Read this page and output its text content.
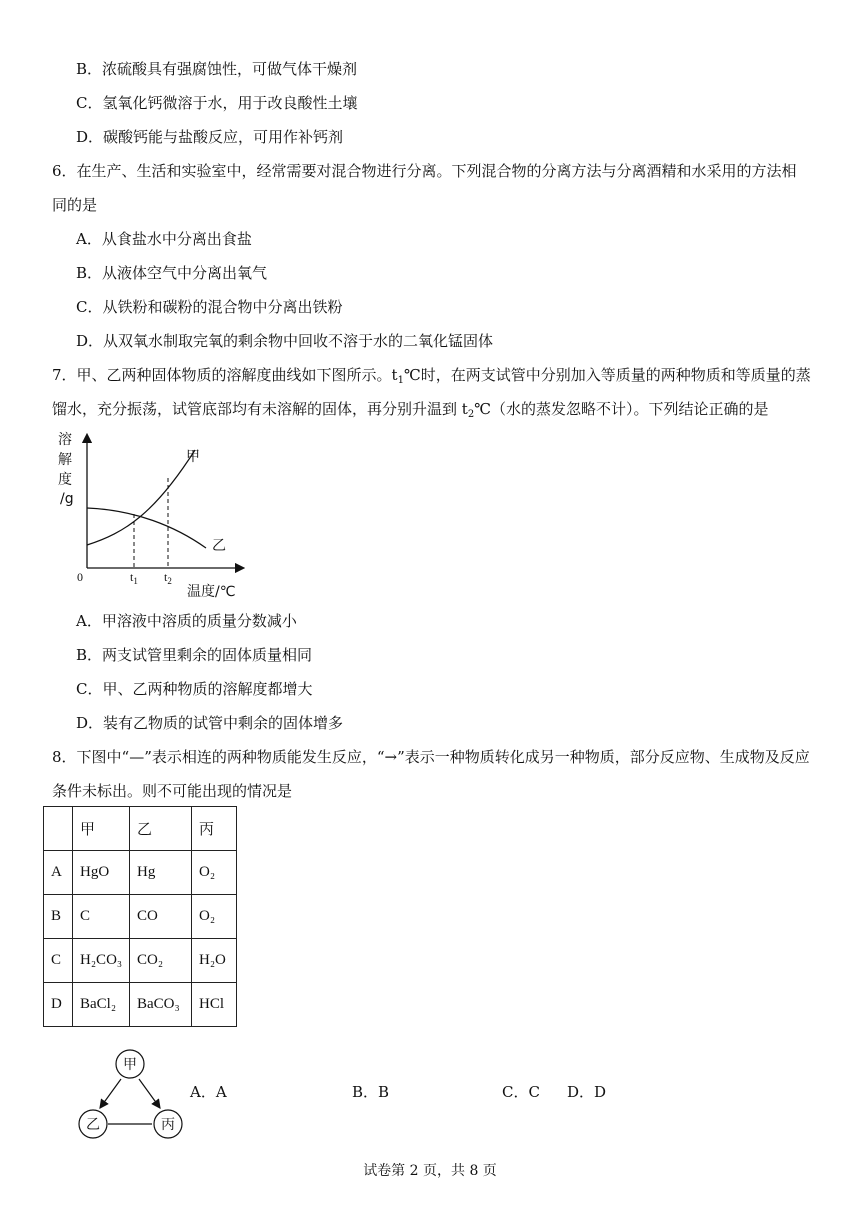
B．浓硫酸具有强腐蚀性，可做气体干燥剂
C．氢氧化钙微溶于水，用于改良酸性土壤
D．碳酸钙能与盐酸反应，可用作补钙剂
6．在生产、生活和实验室中，经常需要对混合物进行分离。下列混合物的分离方法与分离酒精和水采用的方法相
同的是
A．从食盐水中分离出食盐
B．从液体空气中分离出氧气
C．从铁粉和碳粉的混合物中分离出铁粉
D．从双氧水制取完氧的剩余物中回收不溶于水的二氧化锰固体
7．甲、乙两种固体物质的溶解度曲线如下图所示。$t_1℃$时，在两支试管中分别加入等质量的两种物质和等质量的蒸
馏水，充分振荡，试管底部均有未溶解的固体，再分别升温到 $t_2℃$（水的蒸发忽略不计）。下列结论正确的是
溶
解
度
/g
甲
乙
温度/℃
0	$t_1$ $t_2$
A．甲溶液中溶质的质量分数减小
B．两支试管里剩余的固体质量相同
C．甲、乙两种物质的溶解度都增大
D．装有乙物质的试管中剩余的固体增多
8．下图中“—”表示相连的两种物质能发生反应，“→”表示一种物质转化成另一种物质，部分反应物、生成物及反应
条件未标出。则不可能出现的情况是
	甲	乙	丙
A	HgO	Hg	O₂
B	C	CO	O₂
C	H₂CO₃	CO₂	H₂O
D	BaCl₂	BaCO₃	HCl
甲
乙	丙
A．A	B．B	C．C D．D
试卷第 2 页，共 8 页
